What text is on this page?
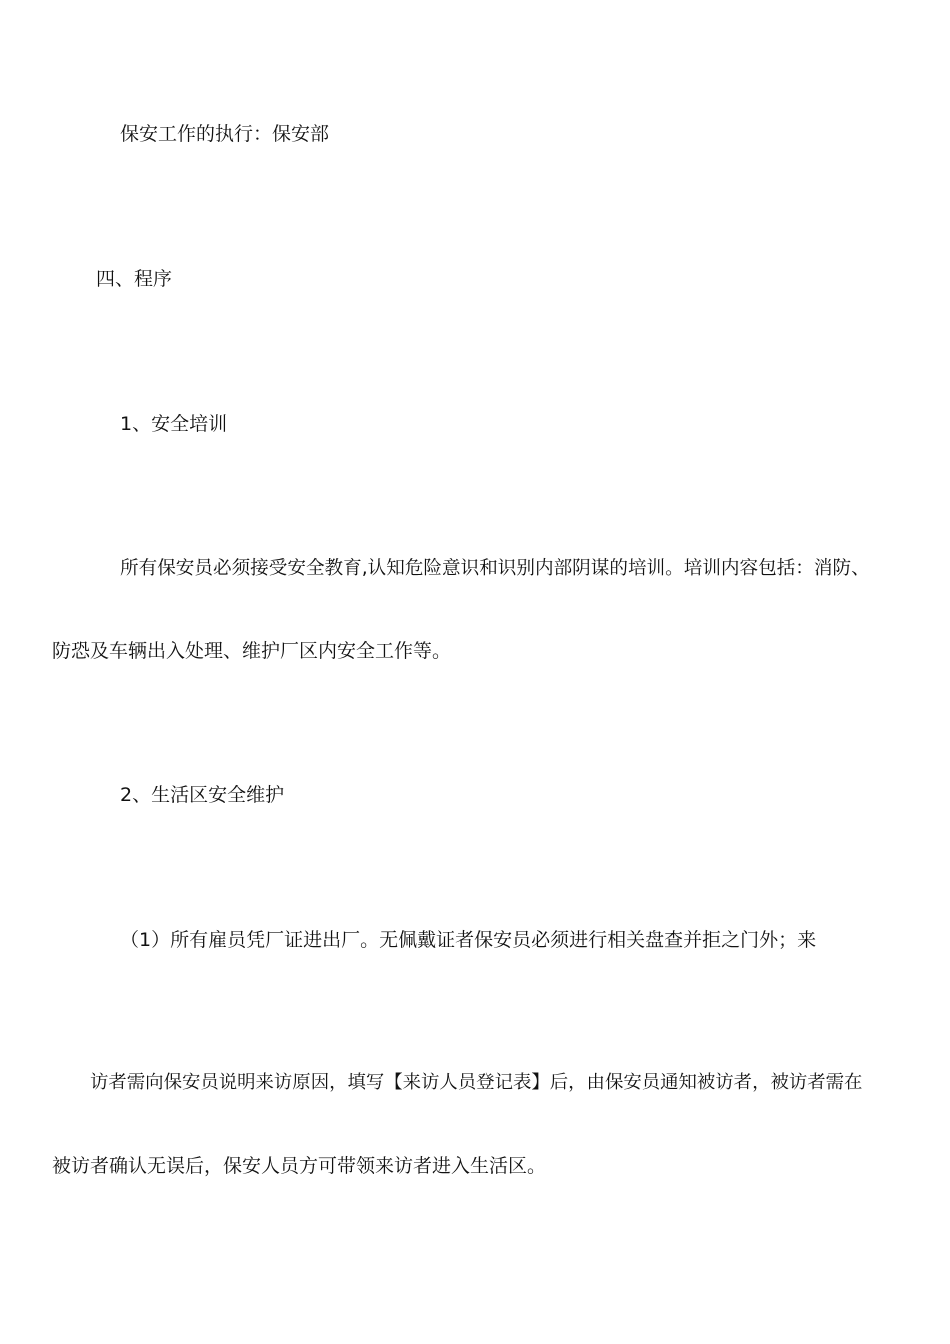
保安工作的执行：保安部
四、程序
1、安全培训
所有保安员必须接受安全教育,认知危险意识和识别内部阴谋的培训。培训内容包括：消防、
防恐及车辆出入处理、维护厂区内安全工作等。
2、生活区安全维护
（1）所有雇员凭厂证进出厂。无佩戴证者保安员必须进行相关盘查并拒之门外；来
访者需向保安员说明来访原因，填写【来访人员登记表】后，由保安员通知被访者，被访者需在
被访者确认无误后，保安人员方可带领来访者进入生活区。
